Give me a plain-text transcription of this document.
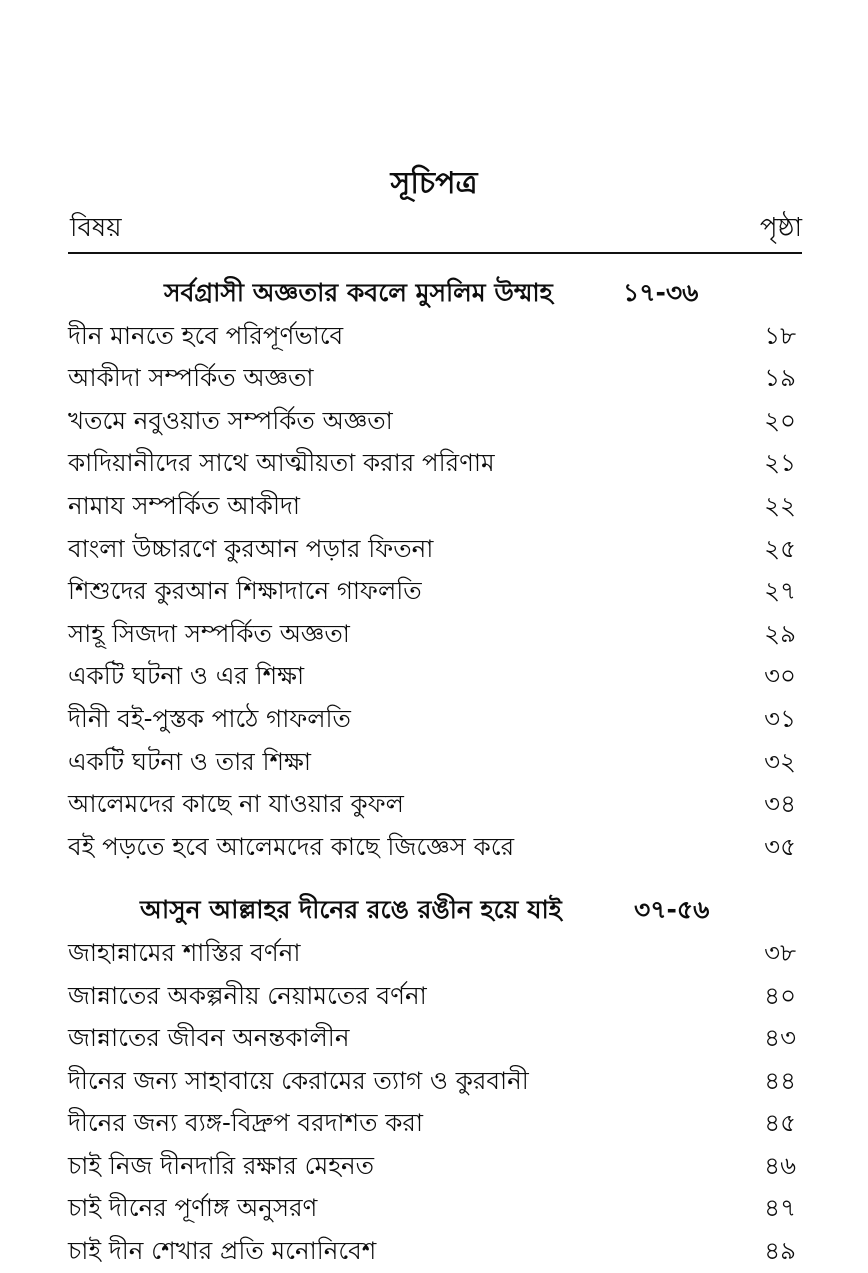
সূচিপত্র
বিষয়	পৃষ্ঠা
সর্বগ্রাসী অজ্ঞতার কবলে মুসলিম উম্মাহ	১৭-৩৬
দীন মানতে হবে পরিপূর্ণভাবে	১৮
আকীদা সম্পর্কিত অজ্ঞতা	১৯
খতমে নবুওয়াত সম্পর্কিত অজ্ঞতা	২০
কাদিয়ানীদের সাথে আত্মীয়তা করার পরিণাম	২১
নামায সম্পর্কিত আকীদা	২২
বাংলা উচ্চারণে কুরআন পড়ার ফিতনা	২৫
শিশুদের কুরআন শিক্ষাদানে গাফলতি	২৭
সাহূ সিজদা সম্পর্কিত অজ্ঞতা	২৯
একটি ঘটনা ও এর শিক্ষা	৩০
দীনী বই-পুস্তক পাঠে গাফলতি	৩১
একটি ঘটনা ও তার শিক্ষা	৩২
আলেমদের কাছে না যাওয়ার কুফল	৩৪
বই পড়তে হবে আলেমদের কাছে জিজ্ঞেস করে	৩৫
আসুন আল্লাহর দীনের রঙে রঙীন হয়ে যাই	৩৭-৫৬
জাহান্নামের শাস্তির বর্ণনা	৩৮
জান্নাতের অকল্পনীয় নেয়ামতের বর্ণনা	৪০
জান্নাতের জীবন অনন্তকালীন	৪৩
দীনের জন্য সাহাবায়ে কেরামের ত্যাগ ও কুরবানী	৪৪
দীনের জন্য ব্যঙ্গ-বিদ্রুপ বরদাশত করা	৪৫
চাই নিজ দীনদারি রক্ষার মেহনত	৪৬
চাই দীনের পূর্ণাঙ্গ অনুসরণ	৪৭
চাই দীন শেখার প্রতি মনোনিবেশ	৪৯
